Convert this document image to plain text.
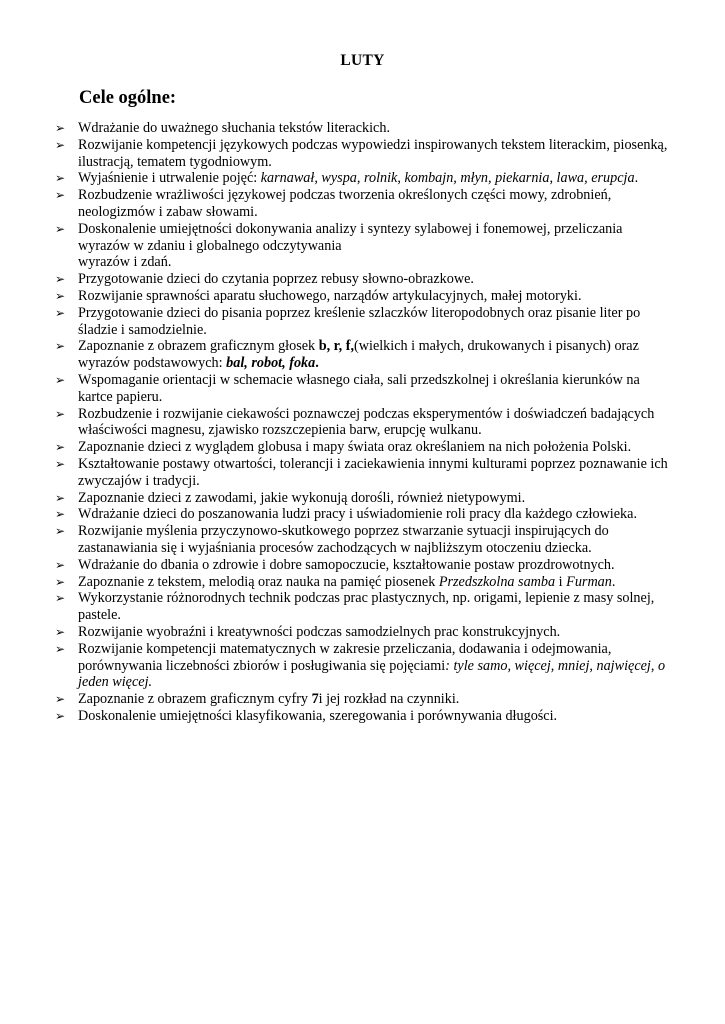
LUTY
Cele ogólne:
➢ Wdrażanie do uważnego słuchania tekstów literackich.
➢ Rozwijanie kompetencji językowych podczas wypowiedzi inspirowanych tekstem literackim, piosenką, ilustracją, tematem tygodniowym.
➢ Wyjaśnienie i utrwalenie pojęć: karnawał, wyspa, rolnik, kombajn, młyn, piekarnia, lawa, erupcja.
➢ Rozbudzenie wrażliwości językowej podczas tworzenia określonych części mowy, zdrobnień, neologizmów i zabaw słowami.
➢ Doskonalenie umiejętności dokonywania analizy i syntezy sylabowej i fonemowej, przeliczania wyrazów w zdaniu i globalnego odczytywania
wyrazów i zdań.
➢ Przygotowanie dzieci do czytania poprzez rebusy słowno-obrazkowe.
➢ Rozwijanie sprawności aparatu słuchowego, narządów artykulacyjnych, małej motoryki.
➢ Przygotowanie dzieci do pisania poprzez kreślenie szlaczków literopodobnych oraz pisanie liter po śladzie i samodzielnie.
➢ Zapoznanie z obrazem graficznym głosek b, r, f,(wielkich i małych, drukowanych i pisanych) oraz wyrazów podstawowych: bal, robot, foka.
➢ Wspomaganie orientacji w schemacie własnego ciała, sali przedszkolnej i określania kierunków na kartce papieru.
➢ Rozbudzenie i rozwijanie ciekawości poznawczej podczas eksperymentów i doświadczeń badających właściwości magnesu, zjawisko rozszczepienia barw, erupcję wulkanu.
➢ Zapoznanie dzieci z wyglądem globusa i mapy świata oraz określaniem na nich położenia Polski.
➢ Kształtowanie postawy otwartości, tolerancji i zaciekawienia innymi kulturami poprzez poznawanie ich zwyczajów i tradycji.
➢ Zapoznanie dzieci z zawodami, jakie wykonują dorośli, również nietypowymi.
➢ Wdrażanie dzieci do poszanowania ludzi pracy i uświadomienie roli pracy dla każdego człowieka.
➢ Rozwijanie myślenia przyczynowo-skutkowego poprzez stwarzanie sytuacji inspirujących do zastanawiania się i wyjaśniania procesów zachodzących w najbliższym otoczeniu dziecka.
➢ Wdrażanie do dbania o zdrowie i dobre samopoczucie, kształtowanie postaw prozdrowotnych.
➢ Zapoznanie z tekstem, melodią oraz nauka na pamięć piosenek Przedszkolna samba i Furman.
➢ Wykorzystanie różnorodnych technik podczas prac plastycznych, np. origami, lepienie z masy solnej, pastele.
➢ Rozwijanie wyobraźni i kreatywności podczas samodzielnych prac konstrukcyjnych.
➢ Rozwijanie kompetencji matematycznych w zakresie przeliczania, dodawania i odejmowania, porównywania liczebności zbiorów i posługiwania się pojęciami: tyle samo, więcej, mniej, najwięcej, o jeden więcej.
➢ Zapoznanie z obrazem graficznym cyfry 7i jej rozkład na czynniki.
➢ Doskonalenie umiejętności klasyfikowania, szeregowania i porównywania długości.
